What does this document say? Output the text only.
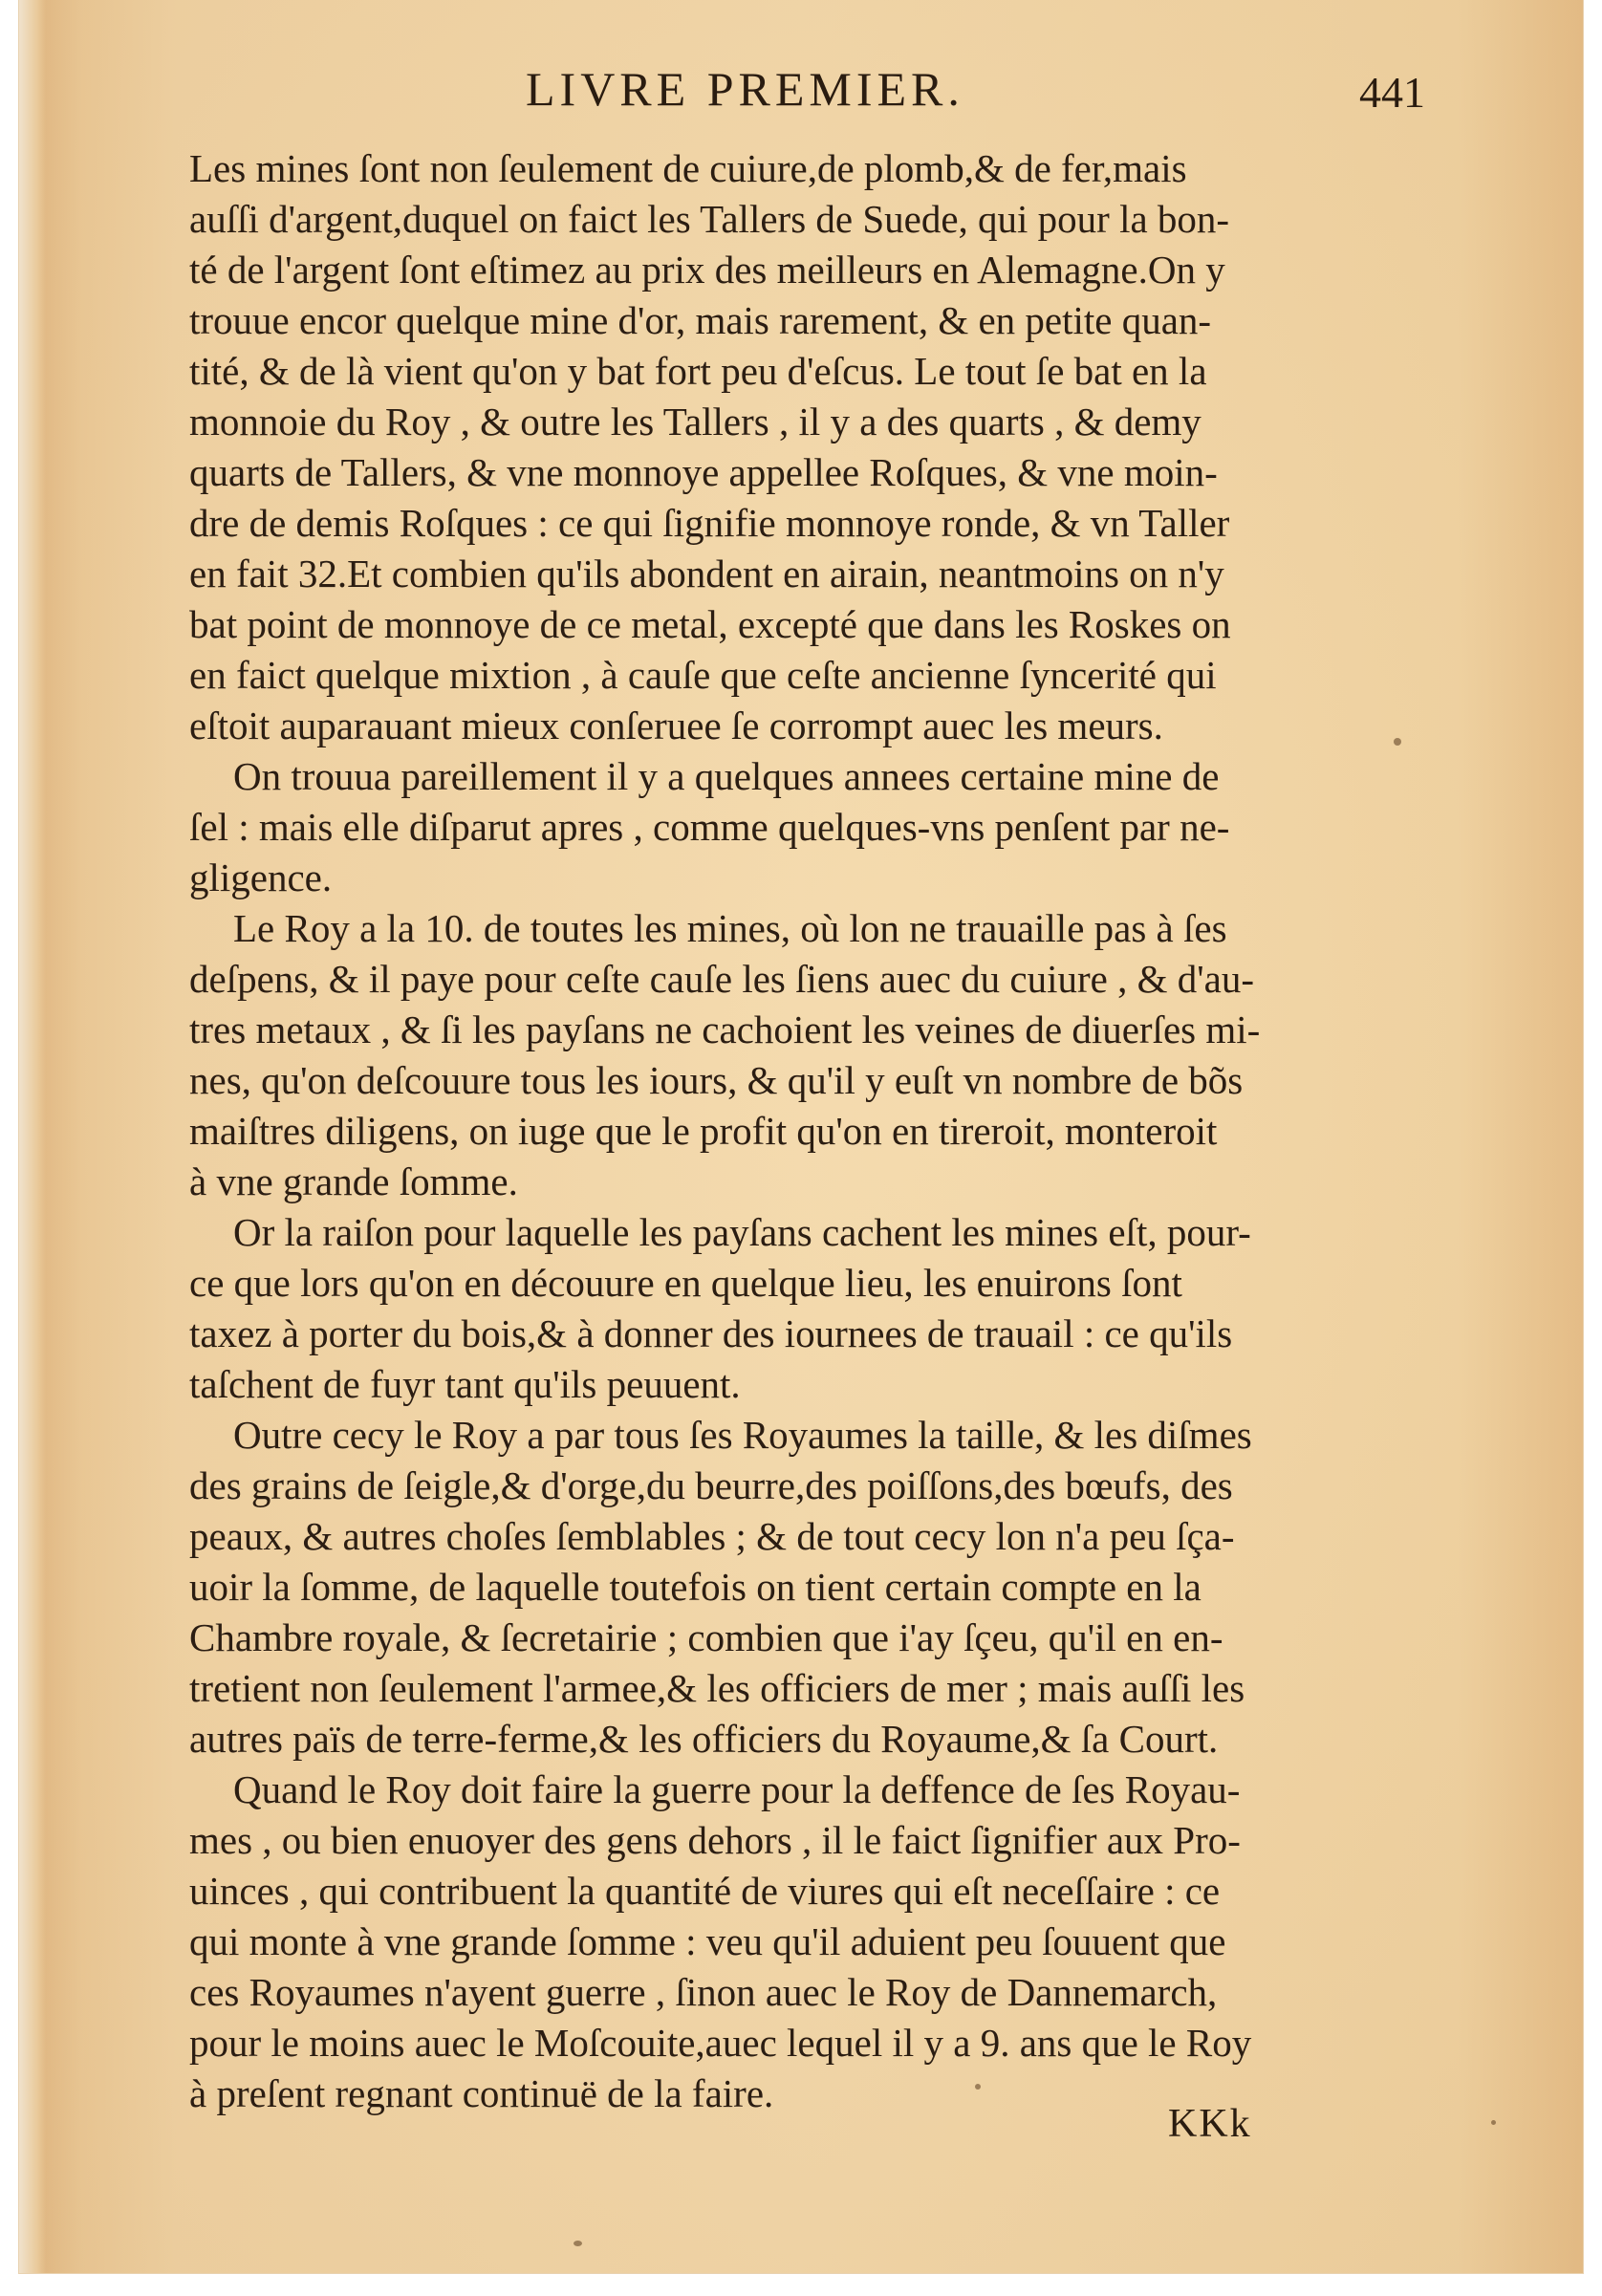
LIVRE PREMIER.	441
Les mines ſont non ſeulement de cuiure,de plomb,& de fer,mais
auſſi d'argent,duquel on faict les Tallers de Suede, qui pour la bon-
té de l'argent ſont eſtimez au prix des meilleurs en Alemagne.On y
trouue encor quelque mine d'or, mais rarement, & en petite quan-
tité, & de là vient qu'on y bat fort peu d'eſcus. Le tout ſe bat en la
monnoie du Roy , & outre les Tallers , il y a des quarts , & demy
quarts de Tallers, & vne monnoye appellee Roſques, & vne moin-
dre de demis Roſques : ce qui ſignifie monnoye ronde, & vn Taller
en fait 32.Et combien qu'ils abondent en airain, neantmoins on n'y
bat point de monnoye de ce metal, excepté que dans les Roskes on
en faict quelque mixtion , à cauſe que ceſte ancienne ſyncerité qui
eſtoit auparauant mieux conſeruee ſe corrompt auec les meurs.
On trouua pareillement il y a quelques annees certaine mine de
ſel : mais elle diſparut apres , comme quelques-vns penſent par ne-
gligence.
Le Roy a la 10. de toutes les mines, où lon ne trauaille pas à ſes
deſpens, & il paye pour ceſte cauſe les ſiens auec du cuiure , & d'au-
tres metaux , & ſi les payſans ne cachoient les veines de diuerſes mi-
nes, qu'on deſcouure tous les iours, & qu'il y euſt vn nombre de bõs
maiſtres diligens, on iuge que le profit qu'on en tireroit, monteroit
à vne grande ſomme.
Or la raiſon pour laquelle les payſans cachent les mines eſt, pour-
ce que lors qu'on en découure en quelque lieu, les enuirons ſont
taxez à porter du bois,& à donner des iournees de trauail : ce qu'ils
taſchent de fuyr tant qu'ils peuuent.
Outre cecy le Roy a par tous ſes Royaumes la taille, & les diſmes
des grains de ſeigle,& d'orge,du beurre,des poiſſons,des bœufs, des
peaux, & autres choſes ſemblables ; & de tout cecy lon n'a peu ſça-
uoir la ſomme, de laquelle toutefois on tient certain compte en la
Chambre royale, & ſecretairie ; combien que i'ay ſçeu, qu'il en en-
tretient non ſeulement l'armee,& les officiers de mer ; mais auſſi les
autres païs de terre-ferme,& les officiers du Royaume,& ſa Court.
Quand le Roy doit faire la guerre pour la deffence de ſes Royau-
mes , ou bien enuoyer des gens dehors , il le faict ſignifier aux Pro-
uinces , qui contribuent la quantité de viures qui eſt neceſſaire : ce
qui monte à vne grande ſomme : veu qu'il aduient peu ſouuent que
ces Royaumes n'ayent guerre , ſinon auec le Roy de Dannemarch,
pour le moins auec le Moſcouite,auec lequel il y a 9. ans que le Roy
à preſent regnant continuë de la faire.
KKk
